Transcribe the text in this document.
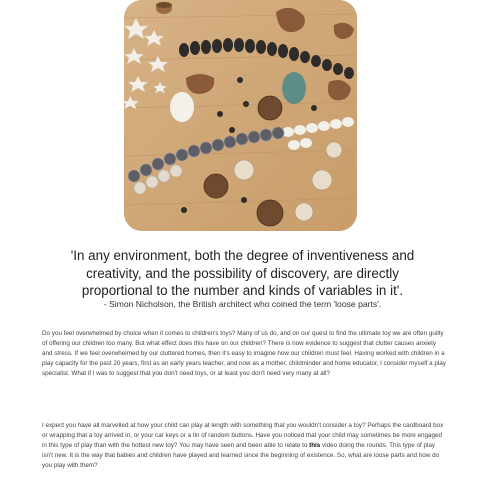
'In any environment, both the degree of inventiveness and creativity, and the possibility of discovery, are directly proportional to the number and kinds of variables in it'.
- Simon Nicholson, the British architect who coined the term 'loose parts'.

Do you feel overwhelmed by choice when it comes to children's toys? Many of us do, and on our quest to find the ultimate toy we are often guilty of offering our children too many. But what effect does this have on our children? There is now evidence to suggest that clutter causes anxiety and stress. If we feel overwhelmed by our cluttered homes, then it's easy to imagine how our children must feel. Having worked with children in a play capacity for the past 20 years, first as an early years teacher, and now as a mother, childminder and home educator, I consider myself a play specialist. What if I was to suggest that you don't need toys, or at least you don't need very many at all?

I expect you have all marvelled at how your child can play at length with something that you wouldn't consider a toy? Perhaps the cardboard box or wrapping that a toy arrived in, or your car keys or a tin of random buttons. Have you noticed that your child may sometimes be more engaged in this type of play than with the hottest new toy? You may have seen and been able to relate to this video doing the rounds. This type of play isn't new. It is the way that babies and children have played and learned since the beginning of existence. So, what are loose parts and how do you play with them?
